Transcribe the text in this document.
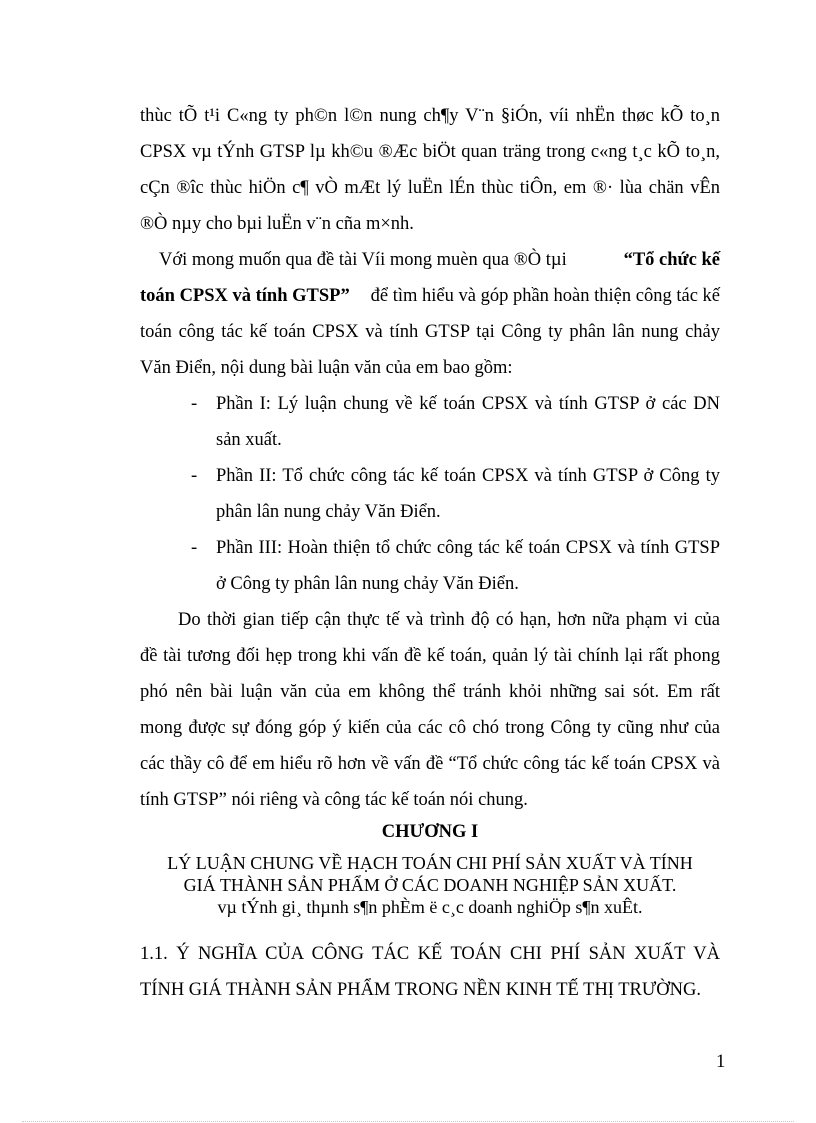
thùc tÕ t¹i C«ng ty ph©n l©n nung ch¶y V¨n §iÓn, víi nhËn thøc kÕ to¸n
CPSX vµ tÝnh GTSP lµ kh©u ®Æc biÖt quan träng trong c«ng t¸c kÕ to¸n,
cÇn ®îc thùc hiÖn c¶ vÒ mÆt lý luËn lÉn thùc tiÔn, em ®· lùa chän vÊn
®Ò nµy cho bµi luËn v¨n cña m×nh.
Với mong muốn qua đề tài Víi mong muèn qua ®Ò tµi	“Tổ chức kế
toán CPSX và tính GTSP” để tìm hiểu và góp phần hoàn thiện công tác kế
toán công tác kế toán CPSX và tính GTSP tại Công ty phân lân nung chảy
Văn Điển, nội dung bài luận văn của em bao gồm:
- Phần I: Lý luận chung về kế toán CPSX và tính GTSP ở các DN
sản xuất.
- Phần II: Tổ chức công tác kế toán CPSX và tính GTSP ở Công ty
phân lân nung chảy Văn Điển.
- Phần III: Hoàn thiện tổ chức công tác kế toán CPSX và tính GTSP
ở Công ty phân lân nung chảy Văn Điển.
Do thời gian tiếp cận thực tế và trình độ có hạn, hơn nữa phạm vi của
đề tài tương đối hẹp trong khi vấn đề kế toán, quản lý tài chính lại rất phong
phó nên bài luận văn của em không thể tránh khỏi những sai sót. Em rất
mong được sự đóng góp ý kiến của các cô chó trong Công ty cũng như của
các thầy cô để em hiểu rõ hơn về vấn đề “Tổ chức công tác kế toán CPSX và
tính GTSP” nói riêng và công tác kế toán nói chung.
CHƯƠNG I
LÝ LUẬN CHUNG VỀ HẠCH TOÁN CHI PHÍ SẢN XUẤT VÀ TÍNH
GIÁ THÀNH SẢN PHẨM Ở CÁC DOANH NGHIỆP SẢN XUẤT.
vµ tÝnh gi¸ thµnh s¶n phÈm ë c¸c doanh nghiÖp s¶n xuÊt.
1.1. Ý NGHĨA CỦA CÔNG TÁC KẾ TOÁN CHI PHÍ SẢN XUẤT VÀ
TÍNH GIÁ THÀNH SẢN PHẨM TRONG NỀN KINH TẾ THỊ TRƯỜNG.
1
